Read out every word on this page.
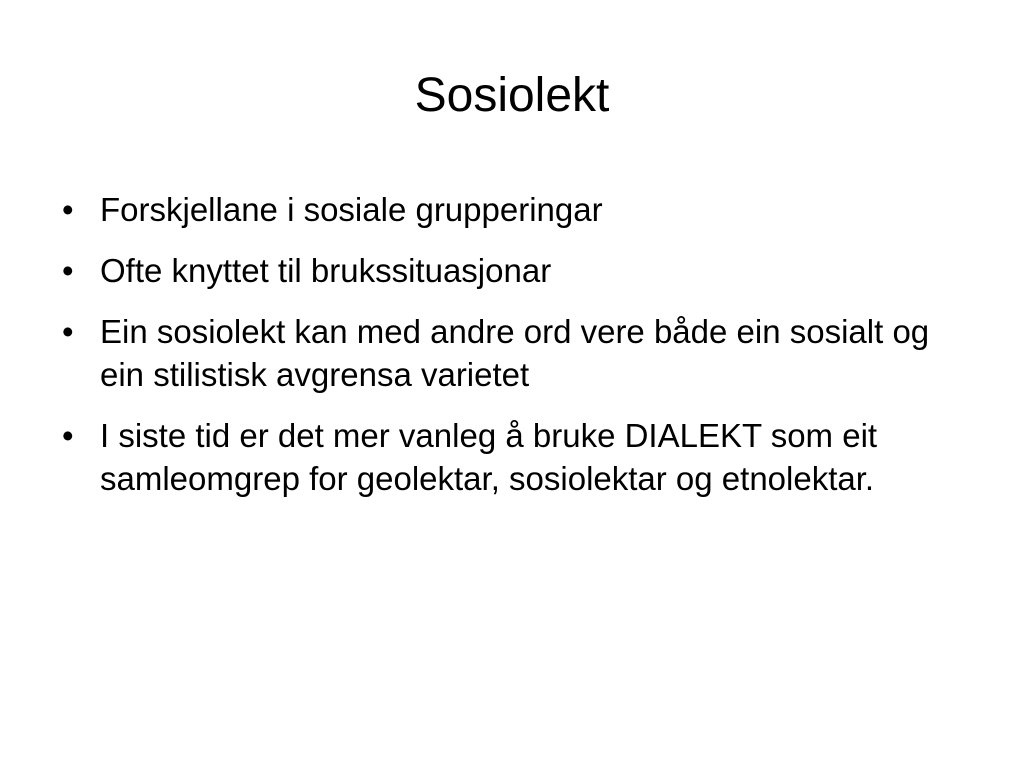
Sosiolekt
• Forskjellane i sosiale grupperingar
• Ofte knyttet til brukssituasjonar
• Ein sosiolekt kan med andre ord vere både ein sosialt og ein stilistisk avgrensa varietet
• I siste tid er det mer vanleg å bruke DIALEKT som eit samleomgrep for geolektar, sosiolektar og etnolektar.
